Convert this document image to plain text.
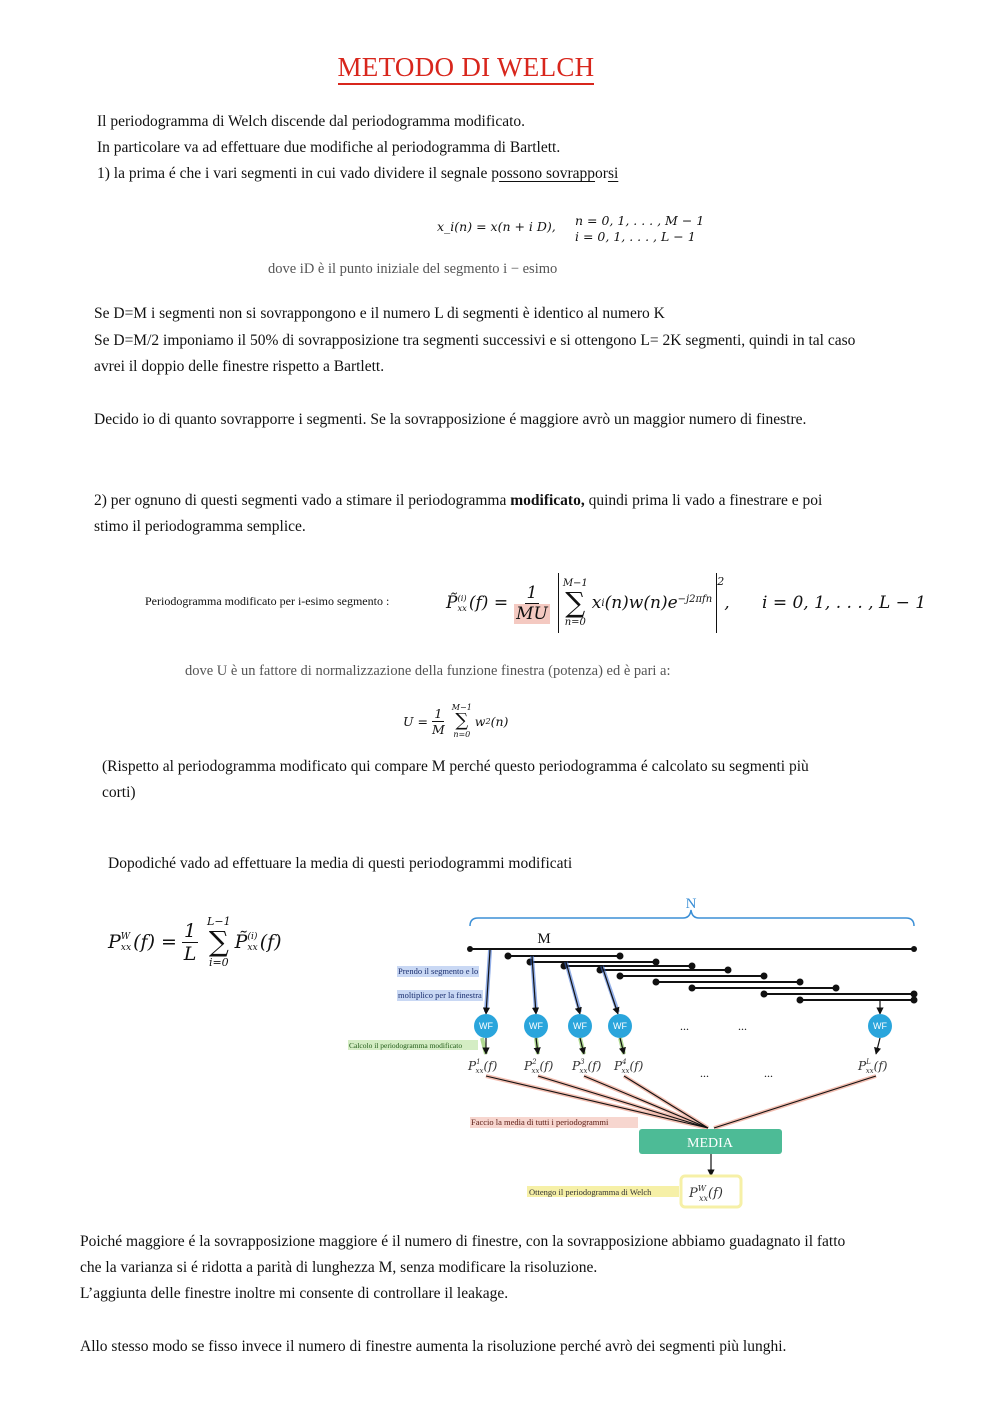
METODO DI WELCH
Il periodogramma di Welch discende dal periodogramma modificato.
In particolare va ad effettuare due modifiche al periodogramma di Bartlett.
1) la prima é che i vari segmenti in cui vado dividere il segnale possono sovrapporsi
x_i(n) = x(n + i D), n = 0, 1, . . . , M − 1
i = 0, 1, . . . , L − 1
dove iD è il punto iniziale del segmento i − esimo
Se D=M i segmenti non si sovrappongono e il numero L di segmenti è identico al numero K
Se D=M/2 imponiamo il 50% di sovrapposizione tra segmenti successivi e si ottengono L= 2K segmenti, quindi in tal caso
avrei il doppio delle finestre rispetto a Bartlett.
Decido io di quanto sovrapporre i segmenti. Se la sovrapposizione é maggiore avrò un maggior numero di finestre.
2) per ognuno di questi segmenti vado a stimare il periodogramma modificato, quindi prima li vado a finestrare e poi
stimo il periodogramma semplice.
Periodogramma modificato per i-esimo segmento :	P̃ (i)
xx $(f) = \frac{1}{MU} M-1$
∑
n=0
x i $(n)w(n)e^{-j2\pi fn}$
$^2$
, i = 0, 1, . . . , L − 1
dove U è un fattore di normalizzazione della funzione finestra (potenza) ed è pari a:
$U = \frac{1}{M} M-1$
∑
n=0
w 2 (n)
(Rispetto al periodogramma modificato qui compare M perché questo periodogramma é calcolato su segmenti più
corti)
Dopodiché vado ad effettuare la media di questi periodogrammi modificati
P W
xx $(f) = \frac{1}{L} L-1$
∑
i=0
P̃ (i)
xx (f)
N
M
Prendo il segmento e lo
moltiplico per la finestra
WF	WF	WF	WF	WF
...	...
Calcolo il periodogramma modificato
$P^1$ xx(f) $P^2$ xx(f) $P^3$ xx(f) $P^4$ xx(f)	$P^L$ xx(f)
...	...
Faccio la media di tutti i periodogrammi
MEDIA
$P^W$ xx(f)
Ottengo il periodogramma di Welch
Poiché maggiore é la sovrapposizione maggiore é il numero di finestre, con la sovrapposizione abbiamo guadagnato il fatto
che la varianza si é ridotta a parità di lunghezza M, senza modificare la risoluzione.
L’aggiunta delle finestre inoltre mi consente di controllare il leakage.
Allo stesso modo se fisso invece il numero di finestre aumenta la risoluzione perché avrò dei segmenti più lunghi.
